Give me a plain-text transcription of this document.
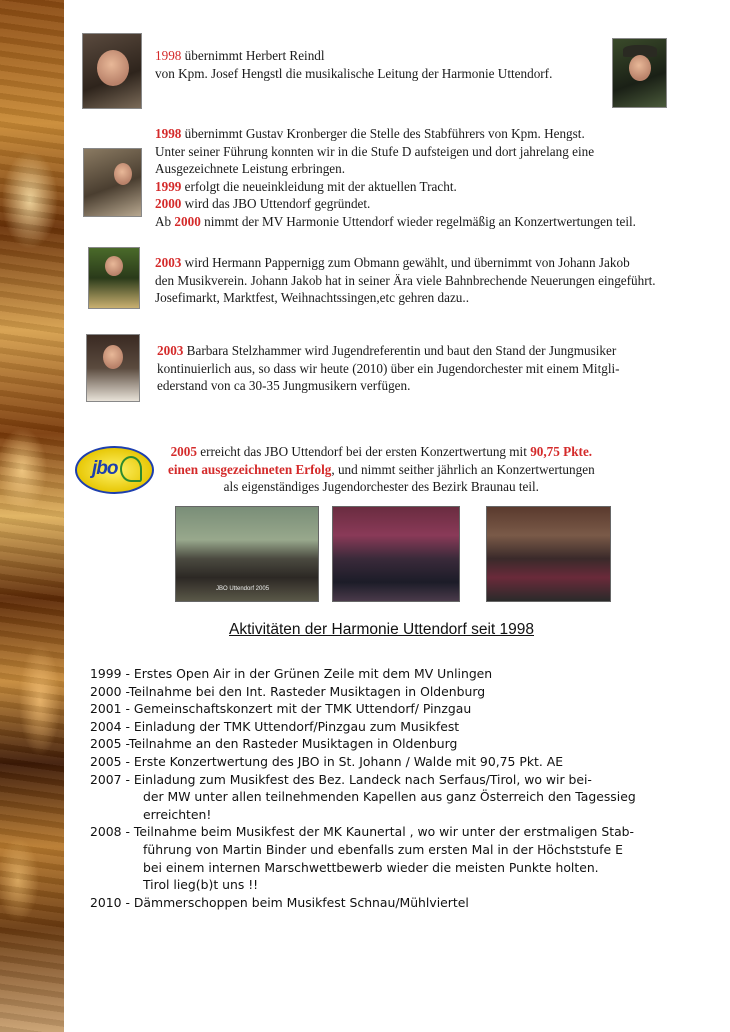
1998 übernimmt Herbert Reindl
von Kpm. Josef Hengstl die musikalische Leitung der Harmonie Uttendorf.
1998 übernimmt Gustav Kronberger die Stelle des Stabführers von Kpm. Hengst.
Unter seiner Führung konnten wir in die Stufe D aufsteigen und dort jahrelang eine
Ausgezeichnete Leistung erbringen.
1999 erfolgt die neueinkleidung mit der aktuellen Tracht.
2000 wird das JBO Uttendorf gegründet.
Ab 2000 nimmt der MV Harmonie Uttendorf wieder regelmäßig an Konzertwertungen teil.
2003 wird Hermann Pappernigg zum Obmann gewählt, und übernimmt von Johann Jakob
den Musikverein. Johann Jakob hat in seiner Ära viele Bahnbrechende Neuerungen eingeführt.
Josefimarkt, Marktfest, Weihnachtssingen,etc gehren dazu..
2003 Barbara Stelzhammer wird Jugendreferentin und baut den Stand der Jungmusiker
kontinuierlich aus, so dass wir heute (2010) über ein Jugendorchester mit einem Mitgli-
ederstand von ca 30-35 Jungmusikern verfügen.
jbo
2005 erreicht das JBO Uttendorf bei der ersten Konzertwertung mit 90,75 Pkte.
einen ausgezeichneten Erfolg, und nimmt seither jährlich an Konzertwertungen
als eigenständiges Jugendorchester des Bezirk Braunau teil.
JBO Uttendorf 2005
Aktivitäten der Harmonie Uttendorf seit 1998
1999 - Erstes Open Air in der Grünen Zeile mit dem MV Unlingen
2000 -Teilnahme bei den Int. Rasteder Musiktagen in Oldenburg
2001 - Gemeinschaftskonzert mit der TMK Uttendorf/ Pinzgau
2004 - Einladung der TMK Uttendorf/Pinzgau zum Musikfest
2005 -Teilnahme an den Rasteder Musiktagen in Oldenburg
2005 - Erste Konzertwertung des JBO in St. Johann / Walde mit 90,75 Pkt. AE
2007 - Einladung zum Musikfest des Bez. Landeck nach Serfaus/Tirol, wo wir bei-
der MW unter allen teilnehmenden Kapellen aus ganz Österreich den Tagessieg
erreichten!
2008 - Teilnahme beim Musikfest der MK Kaunertal , wo wir unter der erstmaligen Stab-
führung von Martin Binder und ebenfalls zum ersten Mal in der Höchststufe E
bei einem internen Marschwettbewerb wieder die meisten Punkte holten.
Tirol lieg(b)t uns !!
2010 - Dämmerschoppen beim Musikfest Schnau/Mühlviertel
